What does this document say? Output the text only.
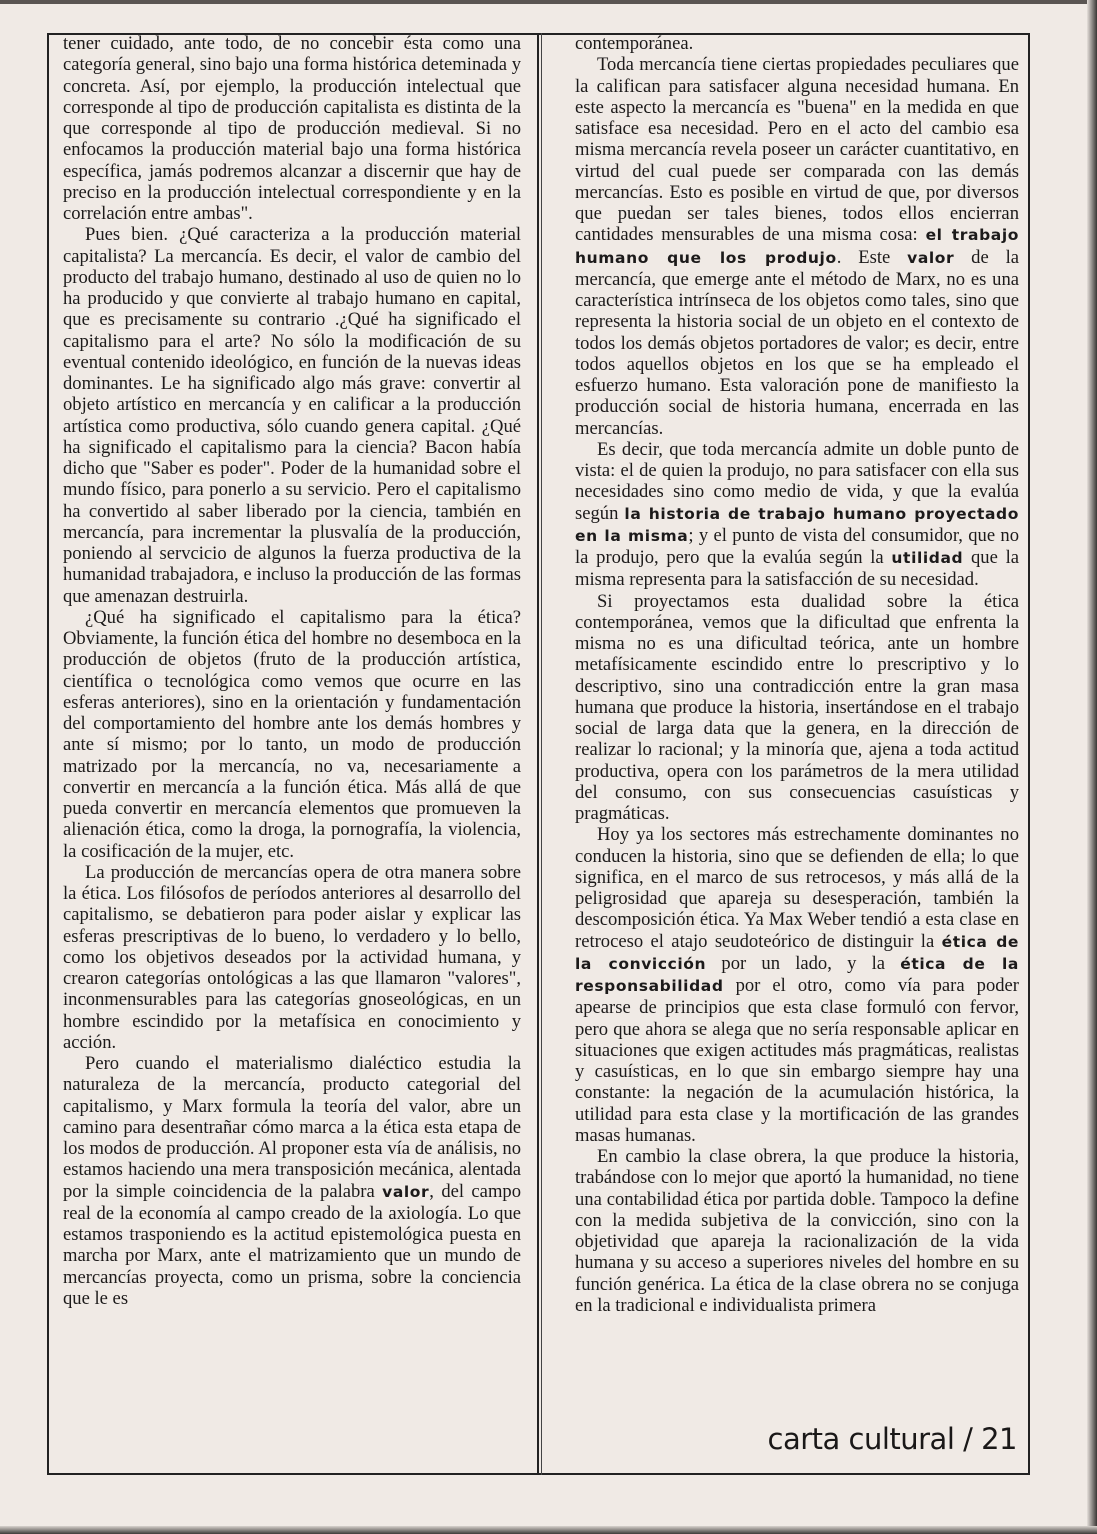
tener cuidado, ante todo, de no concebir ésta como una categoría general, sino bajo una forma histórica deteminada y concreta. Así, por ejemplo, la producción intelectual que corresponde al tipo de producción capitalista es distinta de la que corresponde al tipo de producción medieval. Si no enfocamos la producción material bajo una forma histórica específica, jamás podremos alcanzar a discernir que hay de preciso en la producción intelectual correspondiente y en la correlación entre ambas".

Pues bien. ¿Qué caracteriza a la producción material capitalista? La mercancía. Es decir, el valor de cambio del producto del trabajo humano, destinado al uso de quien no lo ha producido y que convierte al trabajo humano en capital, que es precisamente su contrario .¿Qué ha significado el capitalismo para el arte? No sólo la modificación de su eventual contenido ideológico, en función de la nuevas ideas dominantes. Le ha significado algo más grave: convertir al objeto artístico en mercancía y en calificar a la producción artística como productiva, sólo cuando genera capital. ¿Qué ha significado el capitalismo para la ciencia? Bacon había dicho que "Saber es poder". Poder de la humanidad sobre el mundo físico, para ponerlo a su servicio. Pero el capitalismo ha convertido al saber liberado por la ciencia, también en mercancía, para incrementar la plusvalía de la producción, poniendo al servcicio de algunos la fuerza productiva de la humanidad trabajadora, e incluso la producción de las formas que amenazan destruirla.

¿Qué ha significado el capitalismo para la ética? Obviamente, la función ética del hombre no desemboca en la producción de objetos (fruto de la producción artística, científica o tecnológica como vemos que ocurre en las esferas anteriores), sino en la orientación y fundamentación del comportamiento del hombre ante los demás hombres y ante sí mismo; por lo tanto, un modo de producción matrizado por la mercancía, no va, necesariamente a convertir en mercancía a la función ética. Más allá de que pueda convertir en mercancía elementos que promueven la alienación ética, como la droga, la pornografía, la violencia, la cosificación de la mujer, etc.

La producción de mercancías opera de otra manera sobre la ética. Los filósofos de períodos anteriores al desarrollo del capitalismo, se debatieron para poder aislar y explicar las esferas prescriptivas de lo bueno, lo verdadero y lo bello, como los objetivos deseados por la actividad humana, y crearon categorías ontológicas a las que llamaron "valores", inconmensurables para las categorías gnoseológicas, en un hombre escindido por la metafísica en conocimiento y acción.

Pero cuando el materialismo dialéctico estudia la naturaleza de la mercancía, producto categorial del capitalismo, y Marx formula la teoría del valor, abre un camino para desentrañar cómo marca a la ética esta etapa de los modos de producción. Al proponer esta vía de análisis, no estamos haciendo una mera transposición mecánica, alentada por la simple coincidencia de la palabra valor, del campo real de la economía al campo creado de la axiología. Lo que estamos trasponiendo es la actitud epistemológica puesta en marcha por Marx, ante el matrizamiento que un mundo de mercancías proyecta, como un prisma, sobre la conciencia que le es

contemporánea.

Toda mercancía tiene ciertas propiedades peculiares que la califican para satisfacer alguna necesidad humana. En este aspecto la mercancía es "buena" en la medida en que satisface esa necesidad. Pero en el acto del cambio esa misma mercancía revela poseer un carácter cuantitativo, en virtud del cual puede ser comparada con las demás mercancías. Esto es posible en virtud de que, por diversos que puedan ser tales bienes, todos ellos encierran cantidades mensurables de una misma cosa: el trabajo humano que los produjo. Este valor de la mercancía, que emerge ante el método de Marx, no es una característica intrínseca de los objetos como tales, sino que representa la historia social de un objeto en el contexto de todos los demás objetos portadores de valor; es decir, entre todos aquellos objetos en los que se ha empleado el esfuerzo humano. Esta valoración pone de manifiesto la producción social de historia humana, encerrada en las mercancías.

Es decir, que toda mercancía admite un doble punto de vista: el de quien la produjo, no para satisfacer con ella sus necesidades sino como medio de vida, y que la evalúa según la historia de trabajo humano proyectado en la misma; y el punto de vista del consumidor, que no la produjo, pero que la evalúa según la utilidad que la misma representa para la satisfacción de su necesidad.

Si proyectamos esta dualidad sobre la ética contemporánea, vemos que la dificultad que enfrenta la misma no es una dificultad teórica, ante un hombre metafísicamente escindido entre lo prescriptivo y lo descriptivo, sino una contradicción entre la gran masa humana que produce la historia, insertándose en el trabajo social de larga data que la genera, en la dirección de realizar lo racional; y la minoría que, ajena a toda actitud productiva, opera con los parámetros de la mera utilidad del consumo, con sus consecuencias casuísticas y pragmáticas.

Hoy ya los sectores más estrechamente dominantes no conducen la historia, sino que se defienden de ella; lo que significa, en el marco de sus retrocesos, y más allá de la peligrosidad que apareja su desesperación, también la descomposición ética. Ya Max Weber tendió a esta clase en retroceso el atajo seudoteórico de distinguir la ética de la convicción por un lado, y la ética de la responsabilidad por el otro, como vía para poder apearse de principios que esta clase formuló con fervor, pero que ahora se alega que no sería responsable aplicar en situaciones que exigen actitudes más pragmáticas, realistas y casuísticas, en lo que sin embargo siempre hay una constante: la negación de la acumulación histórica, la utilidad para esta clase y la mortificación de las grandes masas humanas.

En cambio la clase obrera, la que produce la historia, trabándose con lo mejor que aportó la humanidad, no tiene una contabilidad ética por partida doble. Tampoco la define con la medida subjetiva de la convicción, sino con la objetividad que apareja la racionalización de la vida humana y su acceso a superiores niveles del hombre en su función genérica. La ética de la clase obrera no se conjuga en la tradicional e individualista primera

carta cultural / 21
